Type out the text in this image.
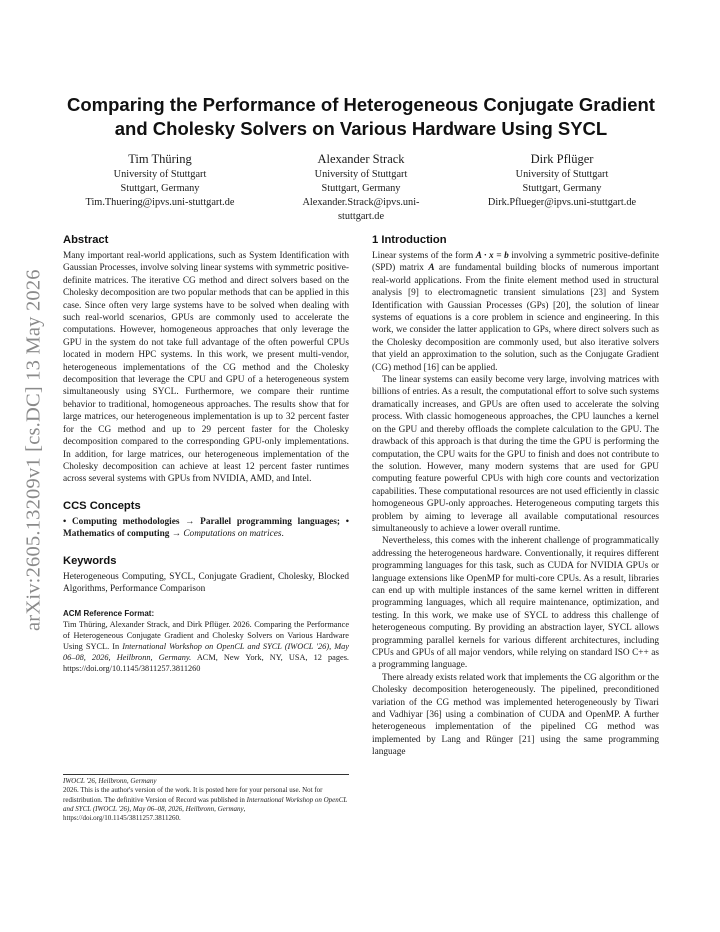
arXiv:2605.13209v1 [cs.DC] 13 May 2026
Comparing the Performance of Heterogeneous Conjugate Gradient and Cholesky Solvers on Various Hardware Using SYCL
Tim Thüring
University of Stuttgart
Stuttgart, Germany
Tim.Thuering@ipvs.uni-stuttgart.de
Alexander Strack
University of Stuttgart
Stuttgart, Germany
Alexander.Strack@ipvs.uni-stuttgart.de
Dirk Pflüger
University of Stuttgart
Stuttgart, Germany
Dirk.Pflueger@ipvs.uni-stuttgart.de
Abstract

Many important real-world applications, such as System Identification with Gaussian Processes, involve solving linear systems with symmetric positive-definite matrices. The iterative CG method and direct solvers based on the Cholesky decomposition are two popular methods that can be applied in this case. Since often very large systems have to be solved when dealing with such real-world scenarios, GPUs are commonly used to accelerate the computations. However, homogeneous approaches that only leverage the GPU in the system do not take full advantage of the often powerful CPUs located in modern HPC systems. In this work, we present multi-vendor, heterogeneous implementations of the CG method and the Cholesky decomposition that leverage the CPU and GPU of a heterogeneous system simultaneously using SYCL. Furthermore, we compare their runtime behavior to traditional, homogeneous approaches. The results show that for large matrices, our heterogeneous implementation is up to 32 percent faster for the CG method and up to 29 percent faster for the Cholesky decomposition compared to the corresponding GPU-only implementations. In addition, for large matrices, our heterogeneous implementation of the Cholesky decomposition can achieve at least 12 percent faster runtimes across several systems with GPUs from NVIDIA, AMD, and Intel.

CCS Concepts

• Computing methodologies → Parallel programming languages; • Mathematics of computing → Computations on matrices.

Keywords

Heterogeneous Computing, SYCL, Conjugate Gradient, Cholesky, Blocked Algorithms, Performance Comparison

ACM Reference Format:

Tim Thüring, Alexander Strack, and Dirk Pflüger. 2026. Comparing the Performance of Heterogeneous Conjugate Gradient and Cholesky Solvers on Various Hardware Using SYCL. In International Workshop on OpenCL and SYCL (IWOCL '26), May 06–08, 2026, Heilbronn, Germany. ACM, New York, NY, USA, 12 pages. https://doi.org/10.1145/3811257.3811260

IWOCL '26, Heilbronn, Germany
2026. This is the author's version of the work. It is posted here for your personal use. Not for redistribution. The definitive Version of Record was published in International Workshop on OpenCL and SYCL (IWOCL '26), May 06–08, 2026, Heilbronn, Germany, https://doi.org/10.1145/3811257.3811260.
1 Introduction

Linear systems of the form A · x = b involving a symmetric positive-definite (SPD) matrix A are fundamental building blocks of numerous important real-world applications. From the finite element method used in structural analysis [9] to electromagnetic transient simulations [23] and System Identification with Gaussian Processes (GPs) [20], the solution of linear systems of equations is a core problem in science and engineering. In this work, we consider the latter application to GPs, where direct solvers such as the Cholesky decomposition are commonly used, but also iterative solvers that yield an approximation to the solution, such as the Conjugate Gradient (CG) method [16] can be applied.

The linear systems can easily become very large, involving matrices with billions of entries. As a result, the computational effort to solve such systems dramatically increases, and GPUs are often used to accelerate the solving process. With classic homogeneous approaches, the CPU launches a kernel on the GPU and thereby offloads the complete calculation to the GPU. The drawback of this approach is that during the time the GPU is performing the computation, the CPU waits for the GPU to finish and does not contribute to the solution. However, many modern systems that are used for GPU computing feature powerful CPUs with high core counts and vectorization capabilities. These computational resources are not used efficiently in classic homogeneous GPU-only approaches. Heterogeneous computing targets this problem by aiming to leverage all available computational resources simultaneously to achieve a lower overall runtime.

Nevertheless, this comes with the inherent challenge of programmatically addressing the heterogeneous hardware. Conventionally, it requires different programming languages for this task, such as CUDA for NVIDIA GPUs or language extensions like OpenMP for multi-core CPUs. As a result, libraries can end up with multiple instances of the same kernel written in different programming languages, which all require maintenance, optimization, and testing. In this work, we make use of SYCL to address this challenge of heterogeneous computing. By providing an abstraction layer, SYCL allows programming parallel kernels for various different architectures, including CPUs and GPUs of all major vendors, while relying on standard ISO C++ as a programming language.

There already exists related work that implements the CG algorithm or the Cholesky decomposition heterogeneously. The pipelined, preconditioned variation of the CG method was implemented heterogeneously by Tiwari and Vadhiyar [36] using a combination of CUDA and OpenMP. A further heterogeneous implementation of the pipelined CG method was implemented by Lang and Rünger [21] using the same programming language
